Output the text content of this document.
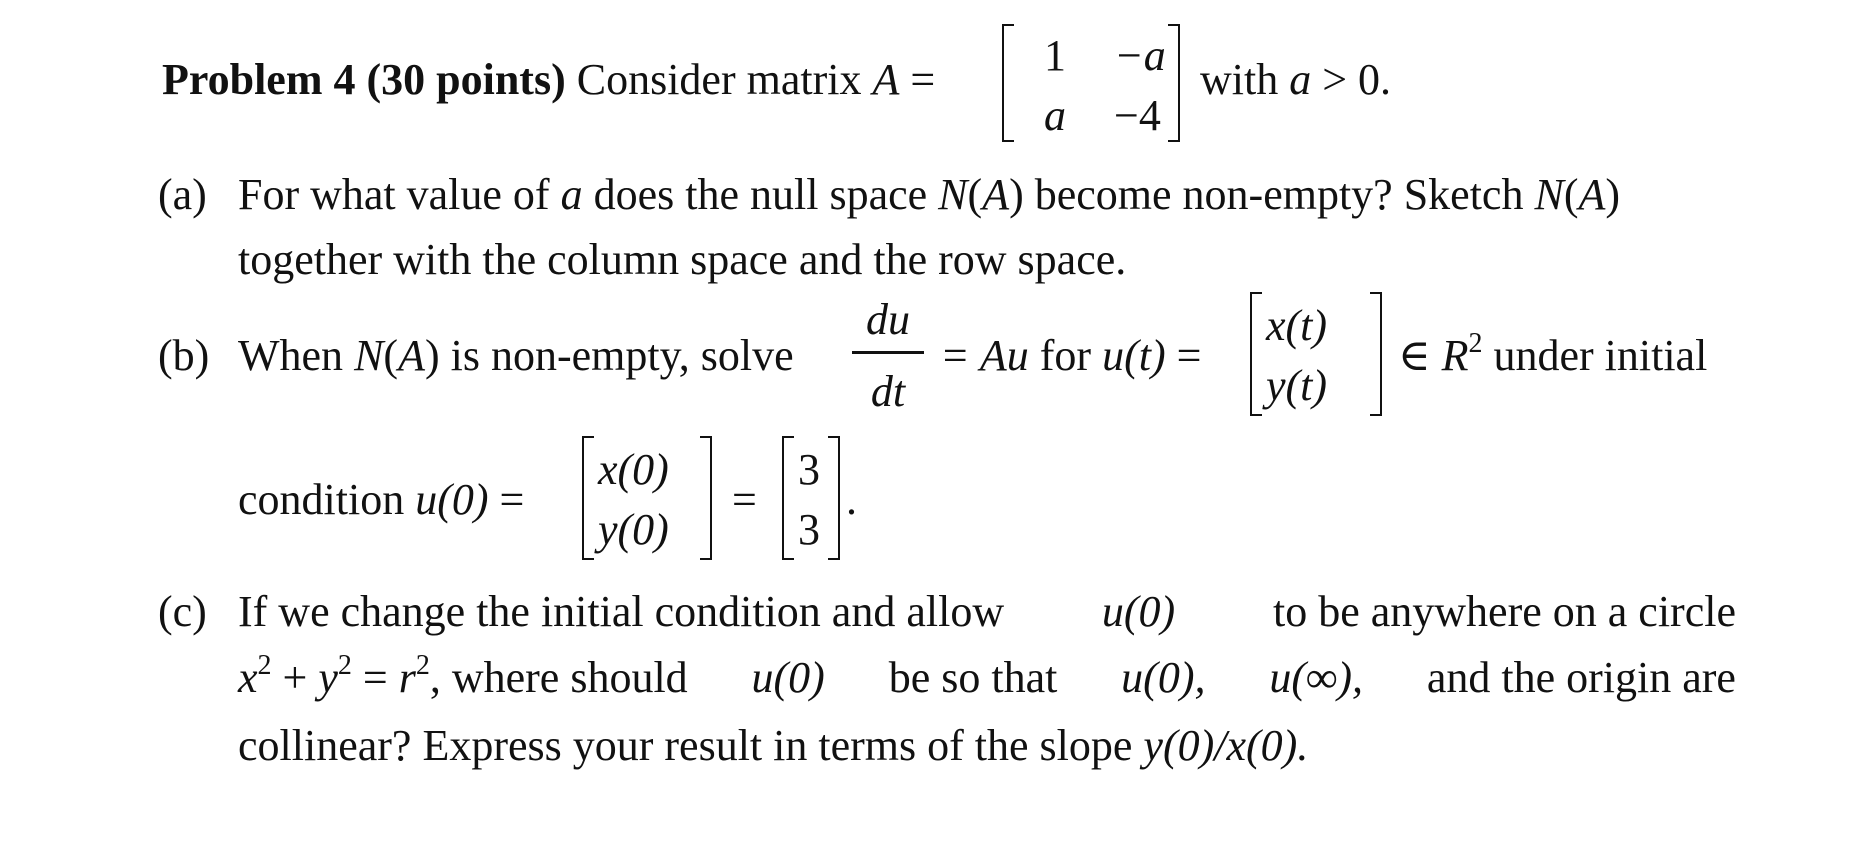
Problem 4 (30 points) Consider matrix A = 1 −a
a −4
with a > 0.
(a) For what value of a does the null space N(A) become non-empty? Sketch N(A)
together with the column space and the row space.
(b) When N(A) is non-empty, solve
du
dt
= Au for u(t) =
x(t)
y(t)
∈ $R^2$ under initial
condition u(0) =
x(0)
y(0)
=
3
3
.
(c) If we change the initial condition and allow u(0) to be anywhere on a circle
$x^2 + y^2 = r^2$, where should u(0) be so that u(0), u(∞), and the origin are
collinear? Express your result in terms of the slope y(0)/x(0).
